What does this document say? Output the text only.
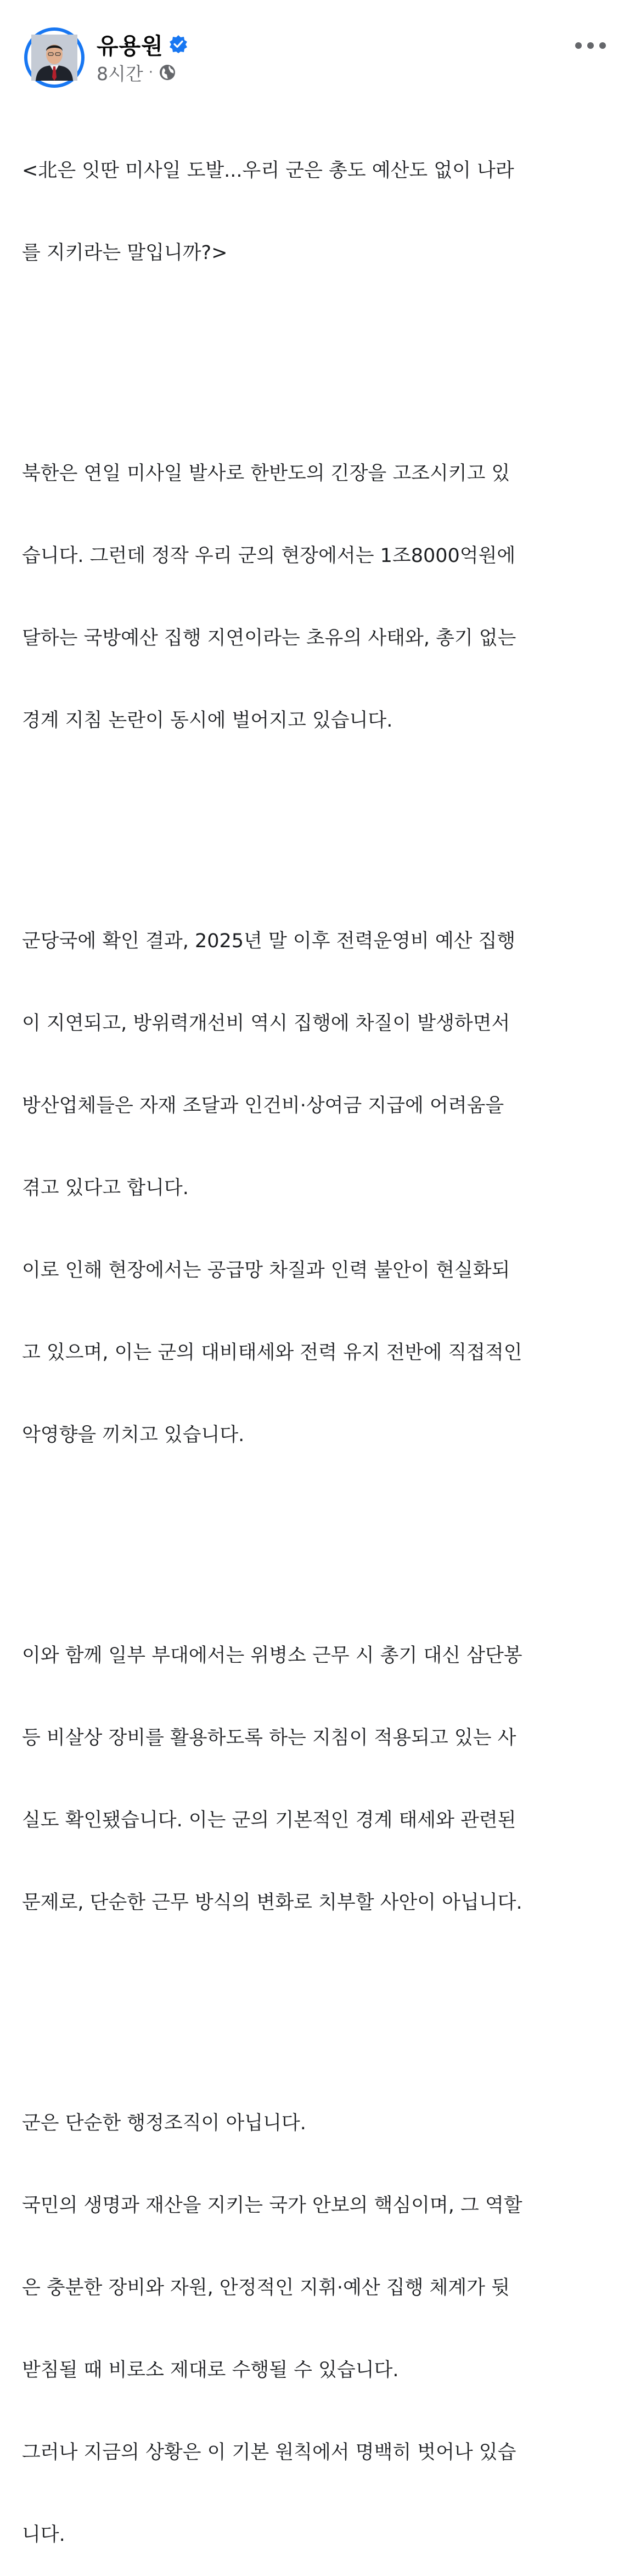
유용원
8시간 ·

<北은 잇딴 미사일 도발...우리 군은 총도 예산도 없이 나라

를 지키라는 말입니까?>

북한은 연일 미사일 발사로 한반도의 긴장을 고조시키고 있

습니다. 그런데 정작 우리 군의 현장에서는 1조8000억원에

달하는 국방예산 집행 지연이라는 초유의 사태와, 총기 없는

경계 지침 논란이 동시에 벌어지고 있습니다.

군당국에 확인 결과, 2025년 말 이후 전력운영비 예산 집행

이 지연되고, 방위력개선비 역시 집행에 차질이 발생하면서

방산업체들은 자재 조달과 인건비·상여금 지급에 어려움을

겪고 있다고 합니다.

이로 인해 현장에서는 공급망 차질과 인력 불안이 현실화되

고 있으며, 이는 군의 대비태세와 전력 유지 전반에 직접적인

악영향을 끼치고 있습니다.

이와 함께 일부 부대에서는 위병소 근무 시 총기 대신 삼단봉

등 비살상 장비를 활용하도록 하는 지침이 적용되고 있는 사

실도 확인됐습니다. 이는 군의 기본적인 경계 태세와 관련된

문제로, 단순한 근무 방식의 변화로 치부할 사안이 아닙니다.

군은 단순한 행정조직이 아닙니다.

국민의 생명과 재산을 지키는 국가 안보의 핵심이며, 그 역할

은 충분한 장비와 자원, 안정적인 지휘·예산 집행 체계가 뒷

받침될 때 비로소 제대로 수행될 수 있습니다.

그러나 지금의 상황은 이 기본 원칙에서 명백히 벗어나 있습

니다.
